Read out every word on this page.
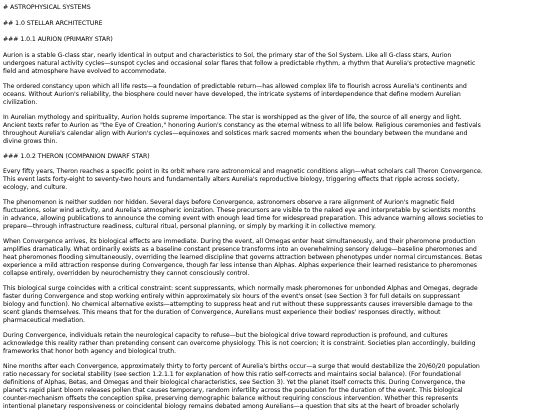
# ASTROPHYSICAL SYSTEMS

## 1.0 STELLAR ARCHITECTURE

### 1.0.1 AURION (PRIMARY STAR)

Aurion is a stable G-class star, nearly identical in output and characteristics to Sol, the primary star of the Sol System. Like all G-class stars, Aurion

undergoes natural activity cycles—sunspot cycles and occasional solar flares that follow a predictable rhythm, a rhythm that Aurelia's protective magnetic

field and atmosphere have evolved to accommodate.

The ordered constancy upon which all life rests—a foundation of predictable return—has allowed complex life to flourish across Aurelia's continents and

oceans. Without Aurion's reliability, the biosphere could never have developed, the intricate systems of interdependence that define modern Aurelian

civilization.

In Aurelian mythology and spirituality, Aurion holds supreme importance. The star is worshipped as the giver of life, the source of all energy and light.

Ancient texts refer to Aurion as "the Eye of Creation," honoring Aurion's constancy as the eternal witness to all life below. Religious ceremonies and festivals

throughout Aurelia's calendar align with Aurion's cycles—equinoxes and solstices mark sacred moments when the boundary between the mundane and

divine grows thin.

### 1.0.2 THERON (COMPANION DWARF STAR)

Every fifty years, Theron reaches a specific point in its orbit where rare astronomical and magnetic conditions align—what scholars call Theron Convergence.

This event lasts forty-eight to seventy-two hours and fundamentally alters Aurelia's reproductive biology, triggering effects that ripple across society,

ecology, and culture.

The phenomenon is neither sudden nor hidden. Several days before Convergence, astronomers observe a rare alignment of Aurion's magnetic field

fluctuations, solar wind activity, and Aurelia's atmospheric ionization. These precursors are visible to the naked eye and interpretable by scientists months

in advance, allowing publications to announce the coming event with enough lead time for widespread preparation. This advance warning allows societies to

prepare—through infrastructure readiness, cultural ritual, personal planning, or simply by marking it in collective memory.

When Convergence arrives, its biological effects are immediate. During the event, all Omegas enter heat simultaneously, and their pheromone production

amplifies dramatically. What ordinarily exists as a baseline constant presence transforms into an overwhelming sensory deluge—baseline pheromones and

heat pheromones flooding simultaneously, overriding the learned discipline that governs attraction between phenotypes under normal circumstances. Betas

experience a mild attraction response during Convergence, though far less intense than Alphas. Alphas experience their learned resistance to pheromones

collapse entirely, overridden by neurochemistry they cannot consciously control.

This biological surge coincides with a critical constraint: scent suppressants, which normally mask pheromones for unbonded Alphas and Omegas, degrade

faster during Convergence and stop working entirely within approximately six hours of the event's onset (see Section 3 for full details on suppressant

biology and function). No chemical alternative exists—attempting to suppress heat and rut without these suppressants causes irreversible damage to the

scent glands themselves. This means that for the duration of Convergence, Aurelians must experience their bodies' responses directly, without

pharmaceutical mediation.

During Convergence, individuals retain the neurological capacity to refuse—but the biological drive toward reproduction is profound, and cultures

acknowledge this reality rather than pretending consent can overcome physiology. This is not coercion; it is constraint. Societies plan accordingly, building

frameworks that honor both agency and biological truth.

Nine months after each Convergence, approximately thirty to forty percent of Aurelia's births occur—a surge that would destabilize the 20/60/20 population

ratio necessary for societal stability (see section 1.2.1.1 for explanation of how this ratio self-corrects and maintains social balance). (For foundational

definitions of Alphas, Betas, and Omegas and their biological characteristics, see Section 3). Yet the planet itself corrects this. During Convergence, the

planet's rapid plant bloom releases pollen that causes temporary, random infertility across the population for the duration of the event. This biological

counter-mechanism offsets the conception spike, preserving demographic balance without requiring conscious intervention. Whether this represents

intentional planetary responsiveness or coincidental biology remains debated among Aurelians—a question that sits at the heart of broader scholarly
